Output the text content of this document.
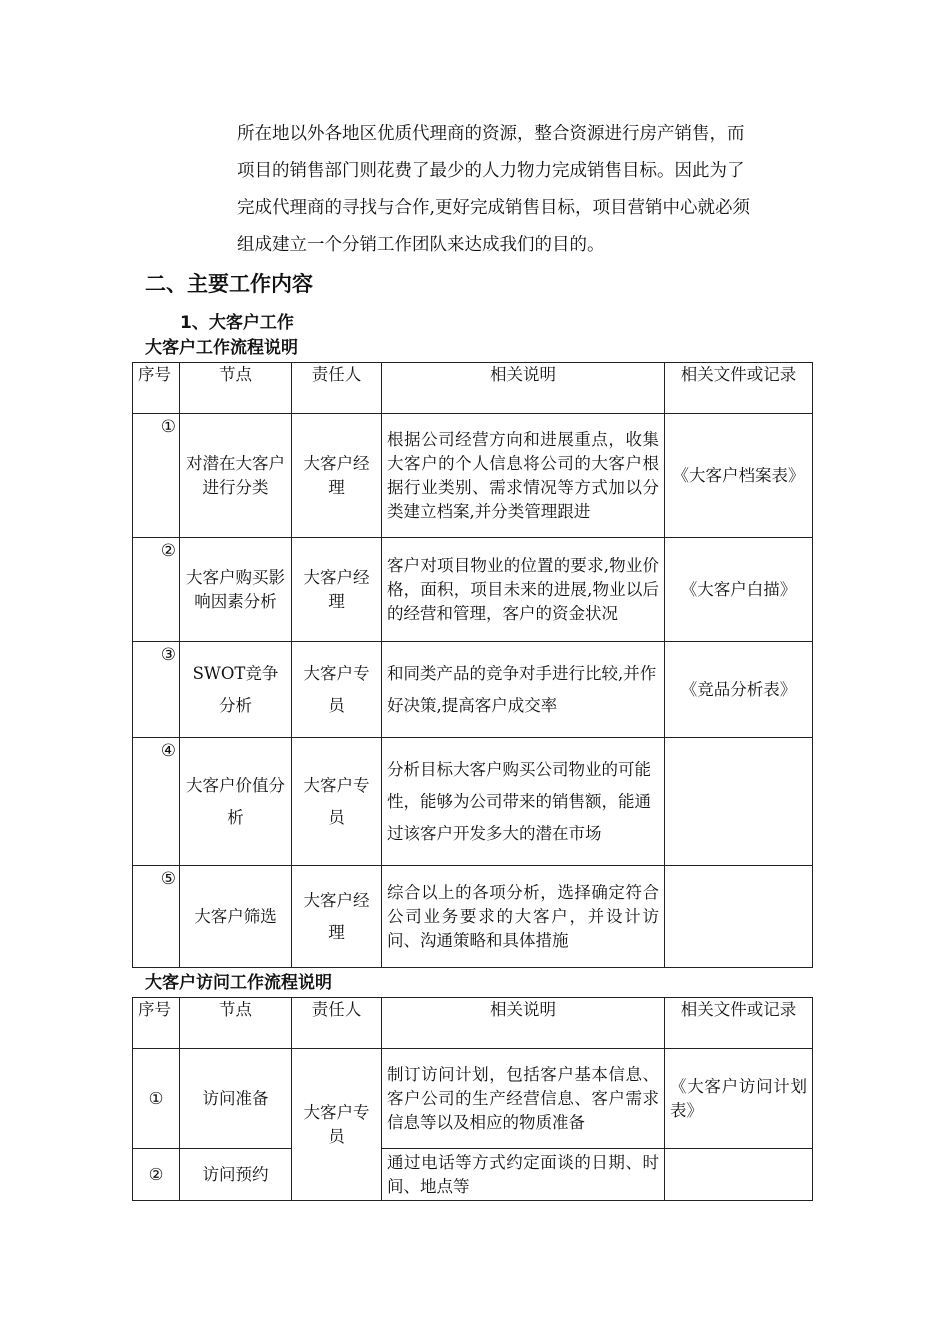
所在地以外各地区优质代理商的资源，整合资源进行房产销售，而

项目的销售部门则花费了最少的人力物力完成销售目标。因此为了

完成代理商的寻找与合作,更好完成销售目标，项目营销中心就必须

组成建立一个分销工作团队来达成我们的目的。

二、主要工作内容
1、大客户工作
大客户工作流程说明
序号	节点	责任人	相关说明	相关文件或记录
①	对潜在大客户进行分类	大客户经理	根据公司经营方向和进展重点，收集大客户的个人信息将公司的大客户根据行业类别、需求情况等方式加以分类建立档案,并分类管理跟进	《大客户档案表》
②	大客户购买影响因素分析	大客户经理	客户对项目物业的位置的要求,物业价格，面积，项目未来的进展,物业以后的经营和管理，客户的资金状况	《大客户白描》
③	SWOT竞争分析	大客户专员	和同类产品的竞争对手进行比较,并作好决策,提高客户成交率	《竞品分析表》
④	大客户价值分析	大客户专员	分析目标大客户购买公司物业的可能性，能够为公司带来的销售额，能通过该客户开发多大的潜在市场	
⑤	大客户筛选	大客户经理	综合以上的各项分析，选择确定符合公司业务要求的大客户，并设计访问、沟通策略和具体措施	
大客户访问工作流程说明
序号	节点	责任人	相关说明	相关文件或记录
①	访问准备	大客户专员	制订访问计划，包括客户基本信息、客户公司的生产经营信息、客户需求信息等以及相应的物质准备	《大客户访问计划表》
②	访问预约		通过电话等方式约定面谈的日期、时间、地点等	
